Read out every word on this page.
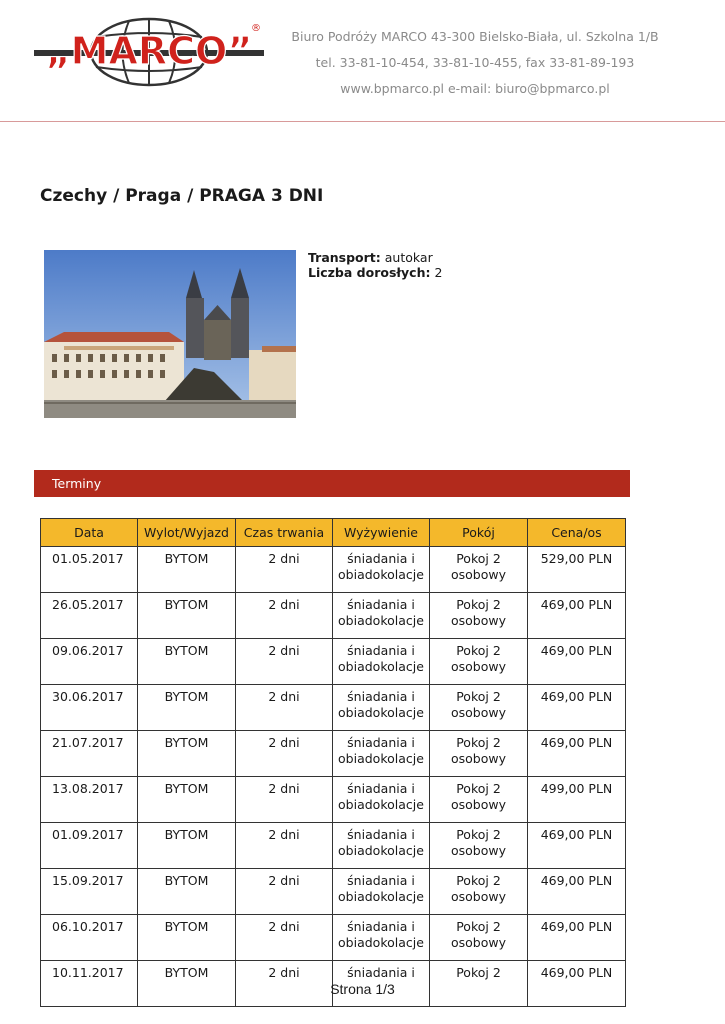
„MARCO”
®
Biuro Podróży MARCO 43-300 Bielsko-Biała, ul. Szkolna 1/B
tel. 33-81-10-454, 33-81-10-455, fax 33-81-89-193
www.bpmarco.pl e-mail: biuro@bpmarco.pl
Czechy / Praga / PRAGA 3 DNI
Transport: autokar
Liczba dorosłych: 2
Terminy
Data	Wylot/Wyjazd	Czas trwania	Wyżywienie	Pokój	Cena/os
01.05.2017	BYTOM	2 dni	śniadania i obiadokolacje	Pokoj 2 osobowy	529,00 PLN
26.05.2017	BYTOM	2 dni	śniadania i obiadokolacje	Pokoj 2 osobowy	469,00 PLN
09.06.2017	BYTOM	2 dni	śniadania i obiadokolacje	Pokoj 2 osobowy	469,00 PLN
30.06.2017	BYTOM	2 dni	śniadania i obiadokolacje	Pokoj 2 osobowy	469,00 PLN
21.07.2017	BYTOM	2 dni	śniadania i obiadokolacje	Pokoj 2 osobowy	469,00 PLN
13.08.2017	BYTOM	2 dni	śniadania i obiadokolacje	Pokoj 2 osobowy	499,00 PLN
01.09.2017	BYTOM	2 dni	śniadania i obiadokolacje	Pokoj 2 osobowy	469,00 PLN
15.09.2017	BYTOM	2 dni	śniadania i obiadokolacje	Pokoj 2 osobowy	469,00 PLN
06.10.2017	BYTOM	2 dni	śniadania i obiadokolacje	Pokoj 2 osobowy	469,00 PLN
10.11.2017	BYTOM	2 dni	śniadania i	Pokoj 2	469,00 PLN
Strona 1/3
